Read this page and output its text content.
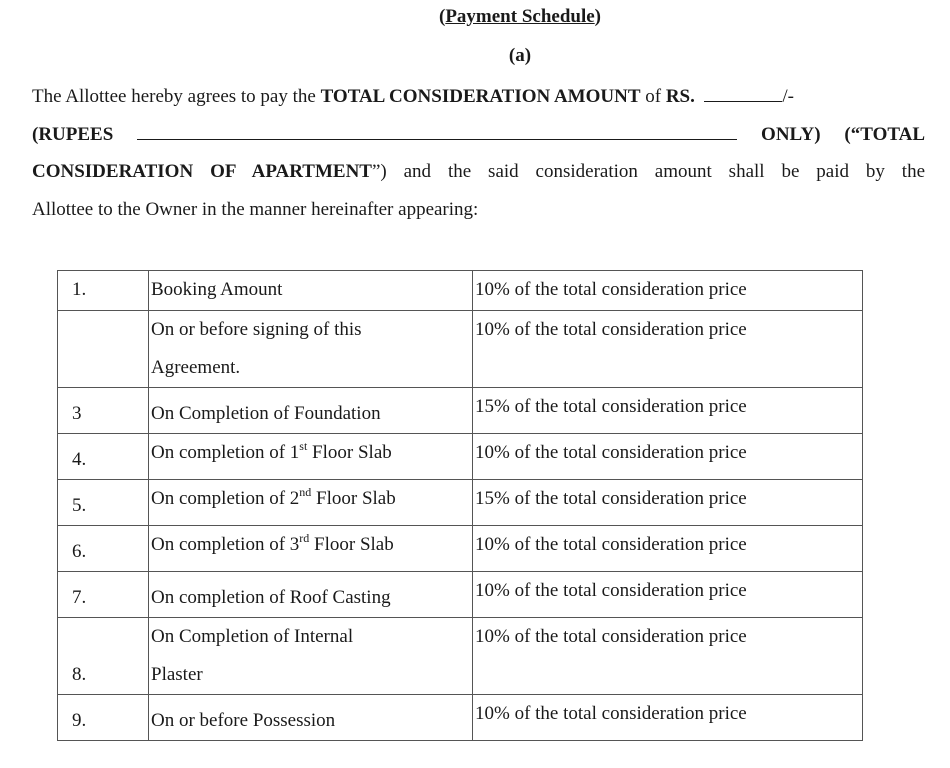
(Payment Schedule)
(a)
The Allottee hereby agrees to pay the TOTAL CONSIDERATION AMOUNT of RS.	/-
(RUPEES	ONLY) (“TOTAL
CONSIDERATION OF APARTMENT”) and the said consideration amount shall be paid by the
Allottee to the Owner in the manner hereinafter appearing:
1.	Booking Amount	10% of the total consideration price
	On or before signing of this Agreement.	10% of the total consideration price
3	On Completion of Foundation	15% of the total consideration price
4.	On completion of 1st Floor Slab	10% of the total consideration price
5.	On completion of 2nd Floor Slab	15% of the total consideration price
6.	On completion of 3rd Floor Slab	10% of the total consideration price
7.	On completion of Roof Casting	10% of the total consideration price
8.	On Completion of Internal Plaster	10% of the total consideration price
9.	On or before Possession	10% of the total consideration price
